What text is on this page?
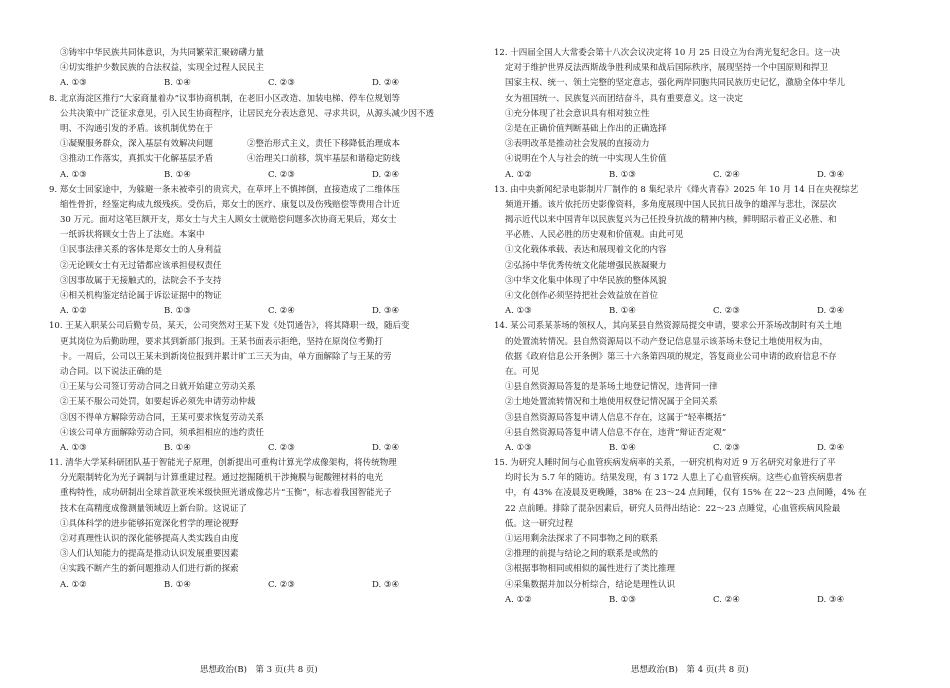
③铸牢中华民族共同体意识，为共同繁荣汇聚磅礴力量
④切实维护少数民族的合法权益，实现全过程人民民主
A. ①③	B. ①④	C. ②③	D. ②④
8. 北京海淀区推行“大家商量着办”议事协商机制，在老旧小区改造、加装电梯、停车位规划等
公共决策中广泛征求意见，引入民生协商程序，让居民充分表达意见、寻求共识，从源头减少因不透
明、不沟通引发的矛盾。该机制优势在于
①凝聚服务群众，深入基层有效解决问题　　　　②整治形式主义，责任下移降低治理成本
③推动工作落实，真抓实干化解基层矛盾　　　　④治理关口前移，筑牢基层和谐稳定防线
A. ①③	B. ①④	C. ②③	D. ②④
9. 郑女士回家途中，为躲避一条未被牵引的贵宾犬，在草坪上不慎摔倒，直接造成了二维体压
缩性骨折，经鉴定构成九级残疾。受伤后，郑女士的医疗、康复以及伤残赔偿等费用合计近
30 万元。面对这笔巨额开支，郑女士与犬主人顾女士就赔偿问题多次协商无果后，郑女士
一纸诉状将顾女士告上了法庭。本案中
①民事法律关系的客体是郑女士的人身利益
②无论顾女士有无过错都应该承担侵权责任
③因事故属于无接触式的，法院会不予支持
④相关机构鉴定结论属于诉讼证据中的物证
A. ①②	B. ①③	C. ②④	D. ③④
10. 王某入职某公司后勤专员，某天，公司突然对王某下发《处罚通告》，将其降职一级，随后变
更其岗位为后勤助理，要求其到新部门报到。王某书面表示拒绝，坚持在原岗位考勤打
卡。一周后，公司以王某未到新岗位报到并累计旷工三天为由，单方面解除了与王某的劳
动合同。以下说法正确的是
①王某与公司签订劳动合同之日就开始建立劳动关系
②王某不服公司处罚，如要起诉必须先申请劳动仲裁
③因不得单方解除劳动合同，王某可要求恢复劳动关系
④该公司单方面解除劳动合同，须承担相应的违约责任
A. ①③	B. ①④	C. ②③	D. ②④
11. 清华大学某科研团队基于智能光子原理，创新提出可重构计算光学成像架构，将传统物理
分光限制转化为光子调制与计算重建过程。通过挖掘随机干涉掩膜与铌酸锂材料的电光
重构特性，成功研制出全球首款亚埃米级快照光谱成像芯片“玉衡”，标志着我国智能光子
技术在高精度成像测量领域迈上新台阶。这说证了
①具体科学的进步能够拓宽深化哲学的理论视野
②对真理性认识的深化能够提高人类实践自由度
③人们认知能力的提高是推动认识发展重要因素
④实践不断产生的新问题推动人们进行新的探索
A. ①②	B. ①④	C. ②③	D. ③④
12. 十四届全国人大常委会第十八次会议决定将 10 月 25 日设立为台湾光复纪念日。这一决
定对于维护世界反法西斯战争胜利成果和战后国际秩序，展现坚持一个中国原则和捍卫
国家主权、统一、领土完整的坚定意志，强化两岸同胞共同民族历史记忆，激励全体中华儿
女为祖国统一、民族复兴而团结奋斗，具有重要意义。这一决定
①充分体现了社会意识具有相对独立性
②是在正确价值判断基础上作出的正确选择
③表明改革是推动社会发展的直接动力
④说明在个人与社会的统一中实现人生价值
A. ①②	B. ①③	C. ②④	D. ③④
13. 由中央新闻纪录电影制片厂制作的 8 集纪录片《烽火青春》2025 年 10 月 14 日在央视综艺
频道开播。该片依托历史影像资料，多角度展现中国人民抗日战争的雄浑与悲壮，深层次
揭示近代以来中国青年以民族复兴为己任投身抗战的精神内核，鲜明昭示着正义必胜、和
平必胜、人民必胜的历史观和价值观。由此可见
①文化载体承载、表达和展现着文化的内容
②弘扬中华优秀传统文化能增强民族凝聚力
③中华文化集中体现了中华民族的整体风貌
④文化创作必须坚持把社会效益放在首位
A. ①③	B. ①④	C. ②③	D. ②④
14. 某公司系某茶场的领权人，其向某县自然资源局提交申请，要求公开茶场改制时有关土地
的处置流转情况。县自然资源局以不动产登记信息显示该茶场未登记土地使用权为由，
依据《政府信息公开条例》第三十六条第四项的规定，答复商业公司申请的政府信息不存
在。可见
①县自然资源局答复的是茶场土地登记情况，违背同一律
②土地处置流转情况和土地使用权登记情况属于全同关系
③县自然资源局答复申请人信息不存在，这属于“轻率概括”
④县自然资源局答复申请人信息不存在，违背“辩证否定观”
A. ①③	B. ①④	C. ②③	D. ②④
15. 为研究人睡时间与心血管疾病发病率的关系，一研究机构对近 9 万名研究对象进行了平
均时长为 5.7 年的随访。结果发现，有 3 172 人患上了心血管疾病。这些心血管疾病患者
中，有 43% 在凌晨及更晚睡，38% 在 23～24 点间睡，仅有 15% 在 22～23 点间睡，4% 在
22 点前睡。排除了混杂因素后，研究人员得出结论：22～23 点睡觉，心血管疾病风险最
低。这一研究过程
①运用剩余法探求了不同事物之间的联系
②推理的前提与结论之间的联系是或然的
③根据事物相同或相似的属性进行了类比推理
④采集数据并加以分析综合，结论是理性认识
A. ①②	B. ①③	C. ②④	D. ③④
思想政治(B)　第 3 页(共 8 页)	思想政治(B)　第 4 页(共 8 页)
